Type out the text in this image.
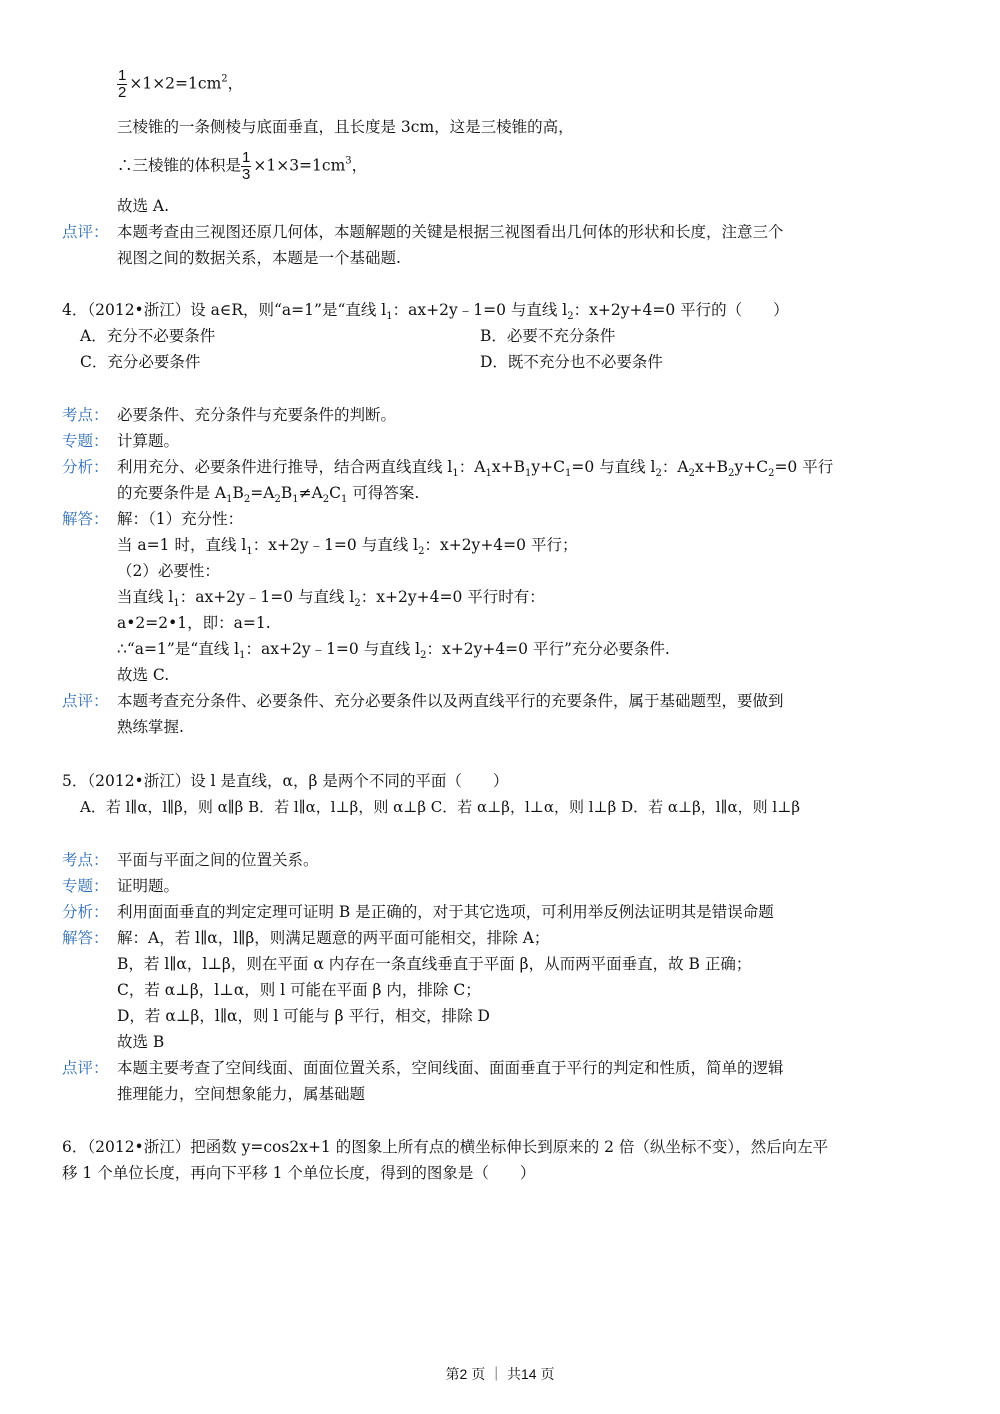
$\frac{1}{2} \times 1\times 2=1cm^2$，
三棱锥的一条侧棱与底面垂直，且长度是 3cm，这是三棱锥的高，
∴三棱锥的体积是 $\frac{1}{3} \times 1\times 3=1cm^3$，
故选 A.
点评： 本题考查由三视图还原几何体，本题解题的关键是根据三视图看出几何体的形状和长度，注意三个
视图之间的数据关系，本题是一个基础题.
4．（2012•浙江）设 a∈R，则“a=1”是“直线 $l_1$：ax+2y﹣1=0 与直线 $l_2$：x+2y+4=0 平行的（　　）
A．充分不必要条件	B．必要不充分条件
C．充分必要条件	D．既不充分也不必要条件
考点： 必要条件、充分条件与充要条件的判断。
专题： 计算题。
分析： 利用充分、必要条件进行推导，结合两直线直线 $l_1$：$A_1x+B_1y+C_1=0$ 与直线 $l_2$：$A_2x+B_2y+C_2=0$ 平行
的充要条件是 $A_1B_2=A_2B_1\ne A_2C_1$ 可得答案.
解答： 解：（1）充分性：
当 a=1 时，直线 $l_1$：x+2y﹣1=0 与直线 $l_2$：x+2y+4=0 平行；
（2）必要性：
当直线 $l_1$：ax+2y﹣1=0 与直线 $l_2$：x+2y+4=0 平行时有：
a•2=2•1，即：a=1.
∴“a=1”是“直线 $l_1$：ax+2y﹣1=0 与直线 $l_2$：x+2y+4=0 平行”充分必要条件.
故选 C.
点评： 本题考查充分条件、必要条件、充分必要条件以及两直线平行的充要条件，属于基础题型，要做到
熟练掌握.
5．（2012•浙江）设 l 是直线，α，β 是两个不同的平面（　　）
A．若 l∥α，l∥β，则 α∥β B．若 l∥α，l⊥β，则 α⊥β C．若 α⊥β，l⊥α，则 l⊥β D．若 α⊥β，l∥α，则 l⊥β
考点： 平面与平面之间的位置关系。
专题： 证明题。
分析： 利用面面垂直的判定定理可证明 B 是正确的，对于其它选项，可利用举反例法证明其是错误命题
解答： 解：A，若 l∥α，l∥β，则满足题意的两平面可能相交，排除 A；
B，若 l∥α，l⊥β，则在平面 α 内存在一条直线垂直于平面 β，从而两平面垂直，故 B 正确；
C，若 α⊥β，l⊥α，则 l 可能在平面 β 内，排除 C；
D，若 α⊥β，l∥α，则 l 可能与 β 平行，相交，排除 D
故选 B
点评： 本题主要考查了空间线面、面面位置关系，空间线面、面面垂直于平行的判定和性质，简单的逻辑
推理能力，空间想象能力，属基础题
6．（2012•浙江）把函数 y=cos2x+1 的图象上所有点的横坐标伸长到原来的 2 倍（纵坐标不变），然后向左平
移 1 个单位长度，再向下平移 1 个单位长度，得到的图象是（　　）
第2 页 ｜ 共14 页
